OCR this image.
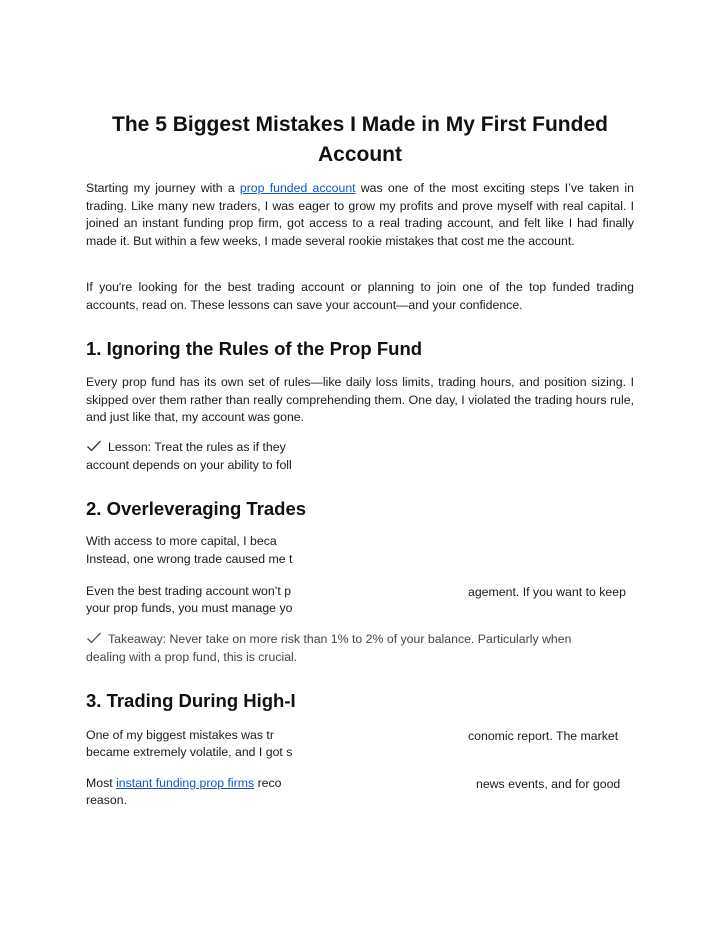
The 5 Biggest Mistakes I Made in My First Funded
Account
Starting my journey with a prop funded account was one of the most exciting steps I’ve taken in trading. Like many new traders, I was eager to grow my profits and prove myself with real capital. I joined an instant funding prop firm, got access to a real trading account, and felt like I had finally made it. But within a few weeks, I made several rookie mistakes that cost me the account.
If you're looking for the best trading account or planning to join one of the top funded trading accounts, read on. These lessons can save your account—and your confidence.
1. Ignoring the Rules of the Prop Fund
Every prop fund has its own set of rules—like daily loss limits, trading hours, and position sizing. I skipped over them rather than really comprehending them. One day, I violated the trading hours rule, and just like that, my account was gone.
Lesson: Treat the rules as if they
account depends on your ability to foll
2. Overleveraging Trades
With access to more capital, I beca
Instead, one wrong trade caused me t
Even the best trading account won’t p	agement. If you want to keep
your prop funds, you must manage yo
Takeaway: Never take on more risk than 1% to 2% of your balance. Particularly when
dealing with a prop fund, this is crucial.
3. Trading During High-I
One of my biggest mistakes was tr	conomic report. The market
became extremely volatile, and I got s
Most instant funding prop firms reco	news events, and for good
reason.
